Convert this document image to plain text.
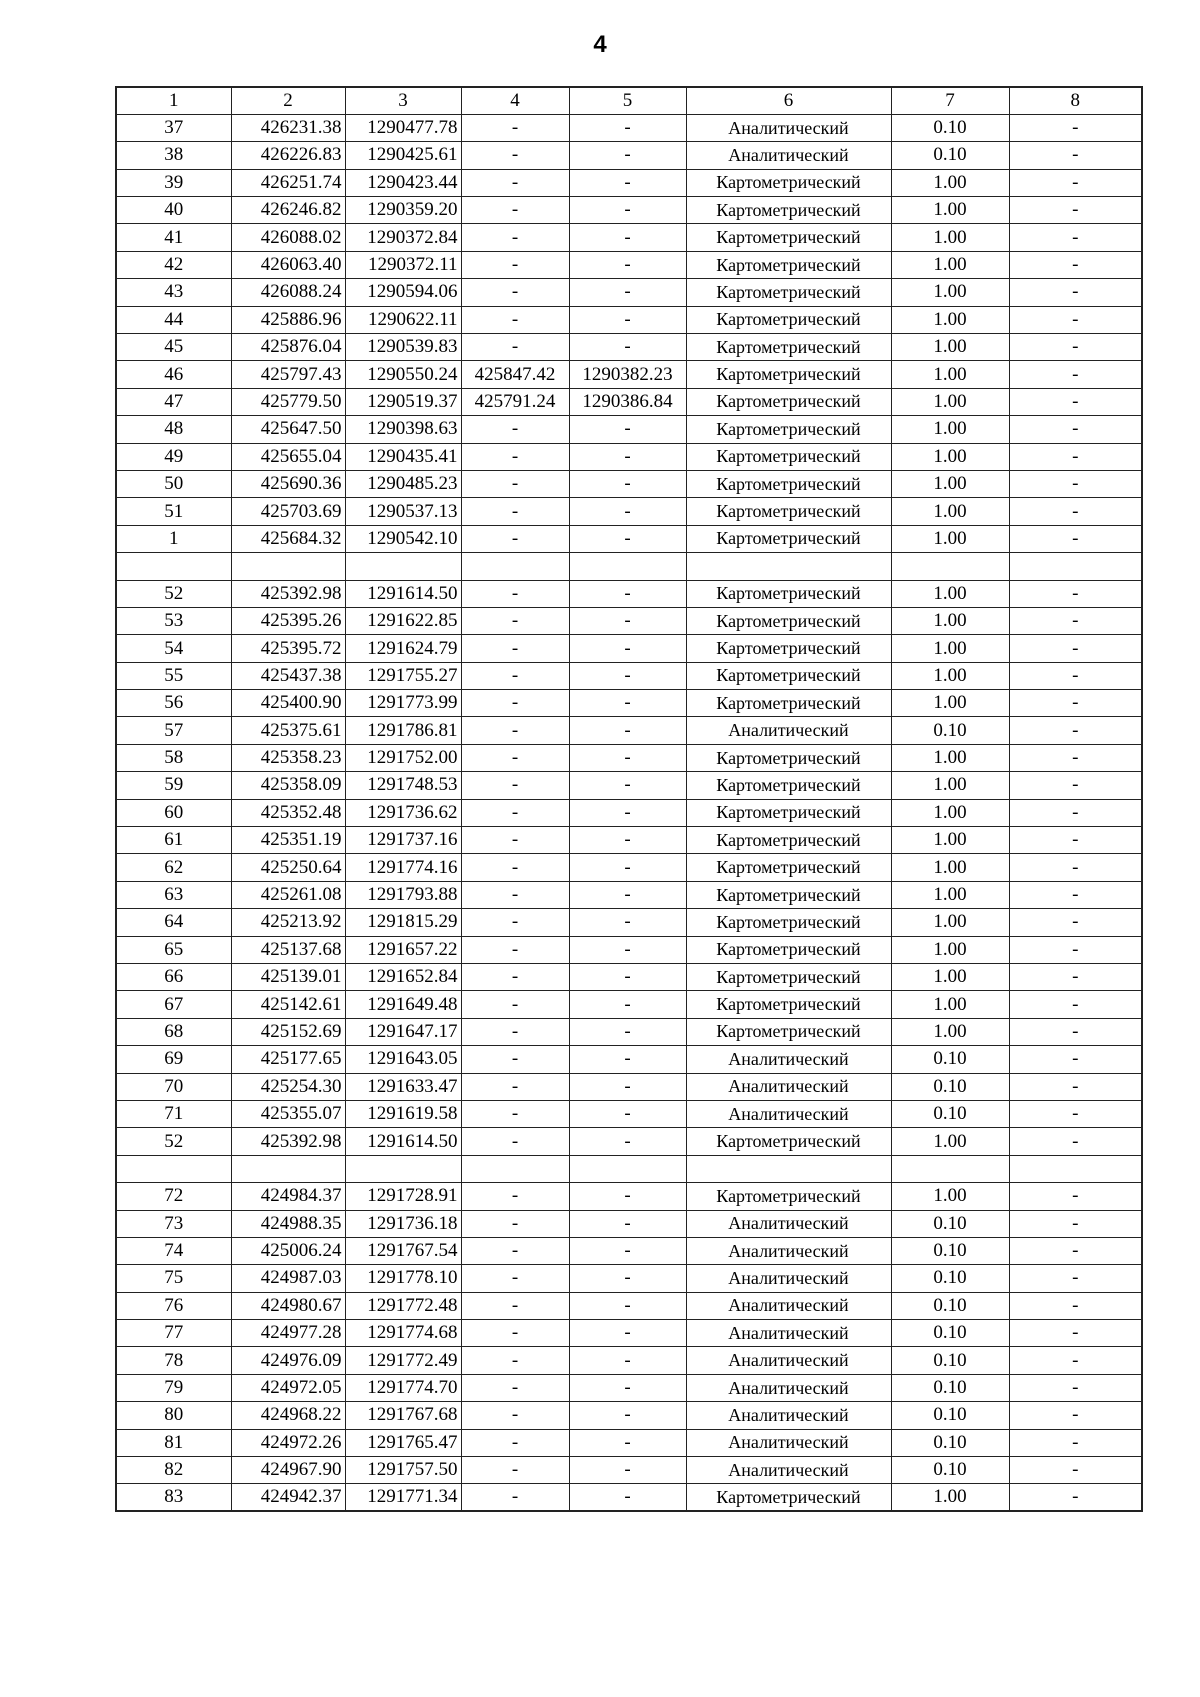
4
1	2	3	4	5	6	7	8
37	426231.38	1290477.78	-	-	Аналитический	0.10	-
38	426226.83	1290425.61	-	-	Аналитический	0.10	-
39	426251.74	1290423.44	-	-	Картометрический	1.00	-
40	426246.82	1290359.20	-	-	Картометрический	1.00	-
41	426088.02	1290372.84	-	-	Картометрический	1.00	-
42	426063.40	1290372.11	-	-	Картометрический	1.00	-
43	426088.24	1290594.06	-	-	Картометрический	1.00	-
44	425886.96	1290622.11	-	-	Картометрический	1.00	-
45	425876.04	1290539.83	-	-	Картометрический	1.00	-
46	425797.43	1290550.24	425847.42	1290382.23	Картометрический	1.00	-
47	425779.50	1290519.37	425791.24	1290386.84	Картометрический	1.00	-
48	425647.50	1290398.63	-	-	Картометрический	1.00	-
49	425655.04	1290435.41	-	-	Картометрический	1.00	-
50	425690.36	1290485.23	-	-	Картометрический	1.00	-
51	425703.69	1290537.13	-	-	Картометрический	1.00	-
1	425684.32	1290542.10	-	-	Картометрический	1.00	-

52	425392.98	1291614.50	-	-	Картометрический	1.00	-
53	425395.26	1291622.85	-	-	Картометрический	1.00	-
54	425395.72	1291624.79	-	-	Картометрический	1.00	-
55	425437.38	1291755.27	-	-	Картометрический	1.00	-
56	425400.90	1291773.99	-	-	Картометрический	1.00	-
57	425375.61	1291786.81	-	-	Аналитический	0.10	-
58	425358.23	1291752.00	-	-	Картометрический	1.00	-
59	425358.09	1291748.53	-	-	Картометрический	1.00	-
60	425352.48	1291736.62	-	-	Картометрический	1.00	-
61	425351.19	1291737.16	-	-	Картометрический	1.00	-
62	425250.64	1291774.16	-	-	Картометрический	1.00	-
63	425261.08	1291793.88	-	-	Картометрический	1.00	-
64	425213.92	1291815.29	-	-	Картометрический	1.00	-
65	425137.68	1291657.22	-	-	Картометрический	1.00	-
66	425139.01	1291652.84	-	-	Картометрический	1.00	-
67	425142.61	1291649.48	-	-	Картометрический	1.00	-
68	425152.69	1291647.17	-	-	Картометрический	1.00	-
69	425177.65	1291643.05	-	-	Аналитический	0.10	-
70	425254.30	1291633.47	-	-	Аналитический	0.10	-
71	425355.07	1291619.58	-	-	Аналитический	0.10	-
52	425392.98	1291614.50	-	-	Картометрический	1.00	-

72	424984.37	1291728.91	-	-	Картометрический	1.00	-
73	424988.35	1291736.18	-	-	Аналитический	0.10	-
74	425006.24	1291767.54	-	-	Аналитический	0.10	-
75	424987.03	1291778.10	-	-	Аналитический	0.10	-
76	424980.67	1291772.48	-	-	Аналитический	0.10	-
77	424977.28	1291774.68	-	-	Аналитический	0.10	-
78	424976.09	1291772.49	-	-	Аналитический	0.10	-
79	424972.05	1291774.70	-	-	Аналитический	0.10	-
80	424968.22	1291767.68	-	-	Аналитический	0.10	-
81	424972.26	1291765.47	-	-	Аналитический	0.10	-
82	424967.90	1291757.50	-	-	Аналитический	0.10	-
83	424942.37	1291771.34	-	-	Картометрический	1.00	-
